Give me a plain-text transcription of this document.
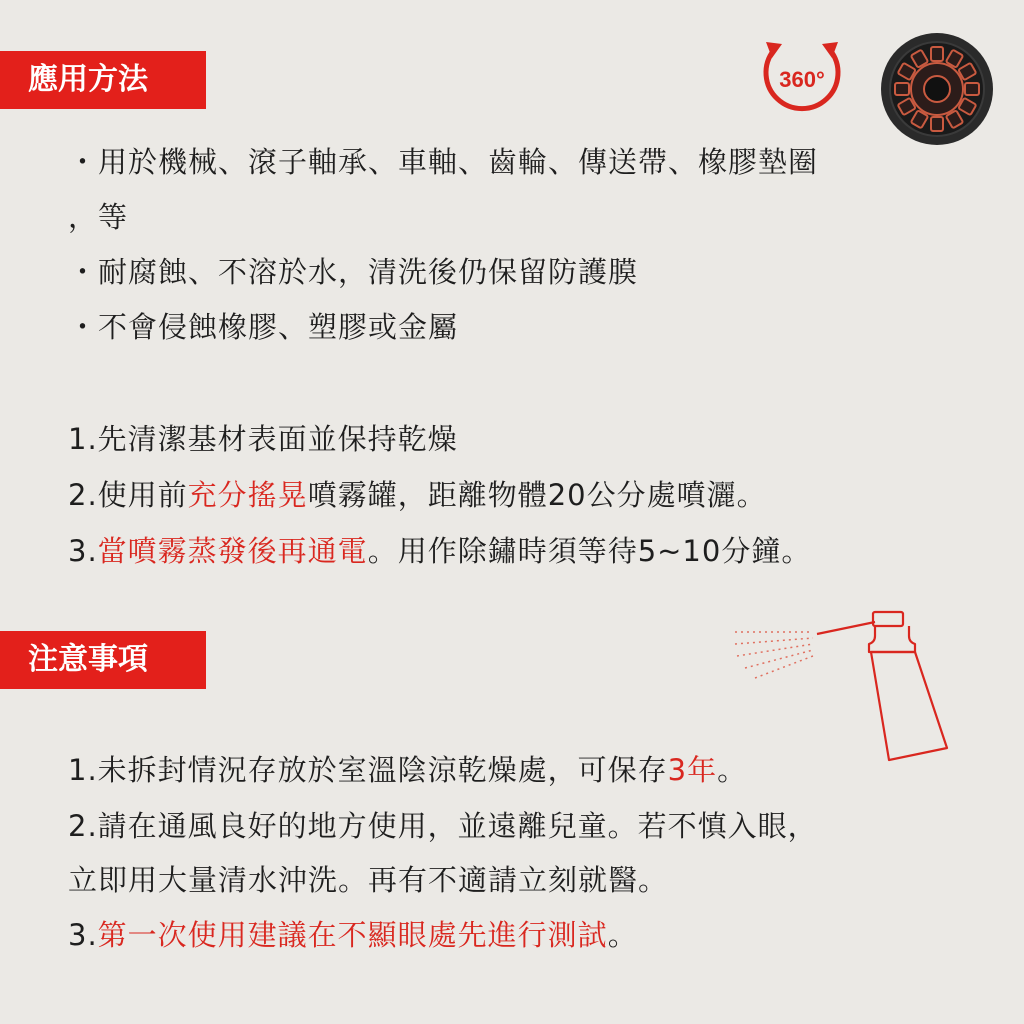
應用方法	360°
・用於機械、滾子軸承、車軸、齒輪、傳送帶、橡膠墊圈
，等
・耐腐蝕、不溶於水，清洗後仍保留防護膜
・不會侵蝕橡膠、塑膠或金屬
1.先清潔基材表面並保持乾燥
2.使用前充分搖晃噴霧罐，距離物體20公分處噴灑。
3.當噴霧蒸發後再通電。用作除鏽時須等待5~10分鐘。
注意事項
1.未拆封情況存放於室溫陰涼乾燥處，可保存3年。
2.請在通風良好的地方使用，並遠離兒童。若不慎入眼，
立即用大量清水沖洗。再有不適請立刻就醫。
3.第一次使用建議在不顯眼處先進行測試。
